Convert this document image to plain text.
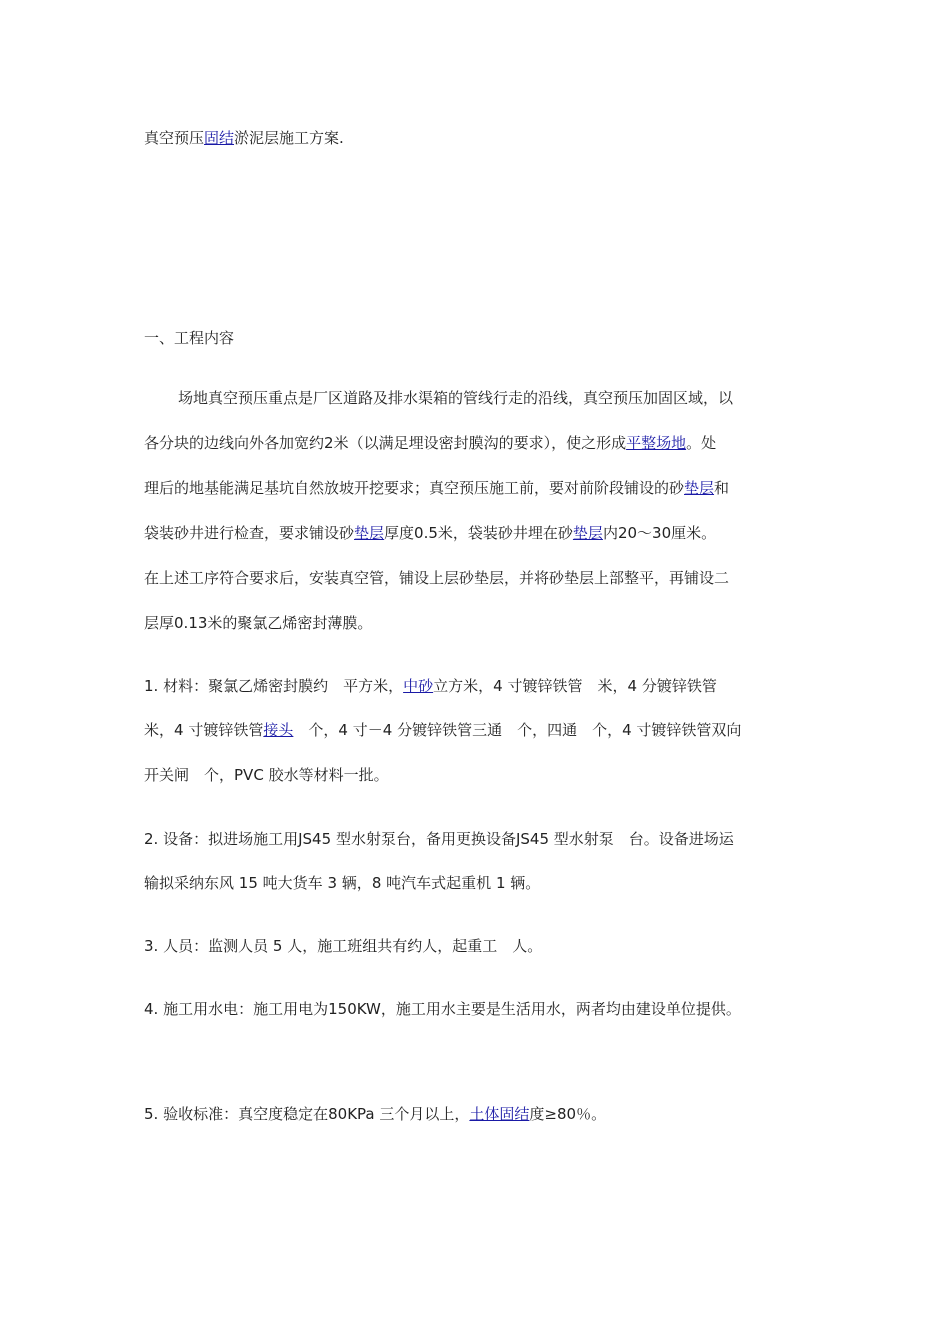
真空预压固结淤泥层施工方案.
一、工程内容
场地真空预压重点是厂区道路及排水渠箱的管线行走的沿线，真空预压加固区域，以
各分块的边线向外各加宽约2米（以满足埋设密封膜沟的要求），使之形成平整场地。处
理后的地基能满足基坑自然放坡开挖要求；真空预压施工前，要对前阶段铺设的砂垫层和
袋装砂井进行检查，要求铺设砂垫层厚度0.5米，袋装砂井埋在砂垫层内20～30厘米。
在上述工序符合要求后，安装真空管，铺设上层砂垫层，并将砂垫层上部整平，再铺设二
层厚0.13米的聚氯乙烯密封薄膜。
1. 材料：聚氯乙烯密封膜约　平方米，中砂立方米，4 寸镀锌铁管　米，4 分镀锌铁管
米，4 寸镀锌铁管接头　个，4 寸－4 分镀锌铁管三通　个，四通　个，4 寸镀锌铁管双向
开关闸　个，PVC 胶水等材料一批。
2. 设备：拟进场施工用JS45 型水射泵台，备用更换设备JS45 型水射泵　台。设备进场运
输拟采纳东风 15 吨大货车 3 辆，8 吨汽车式起重机 1 辆。
3. 人员：监测人员 5 人，施工班组共有约人，起重工　人。
4. 施工用水电：施工用电为150KW，施工用水主要是生活用水，两者均由建设单位提供。
5. 验收标准：真空度稳定在80KPa 三个月以上，土体固结度≥80％。
